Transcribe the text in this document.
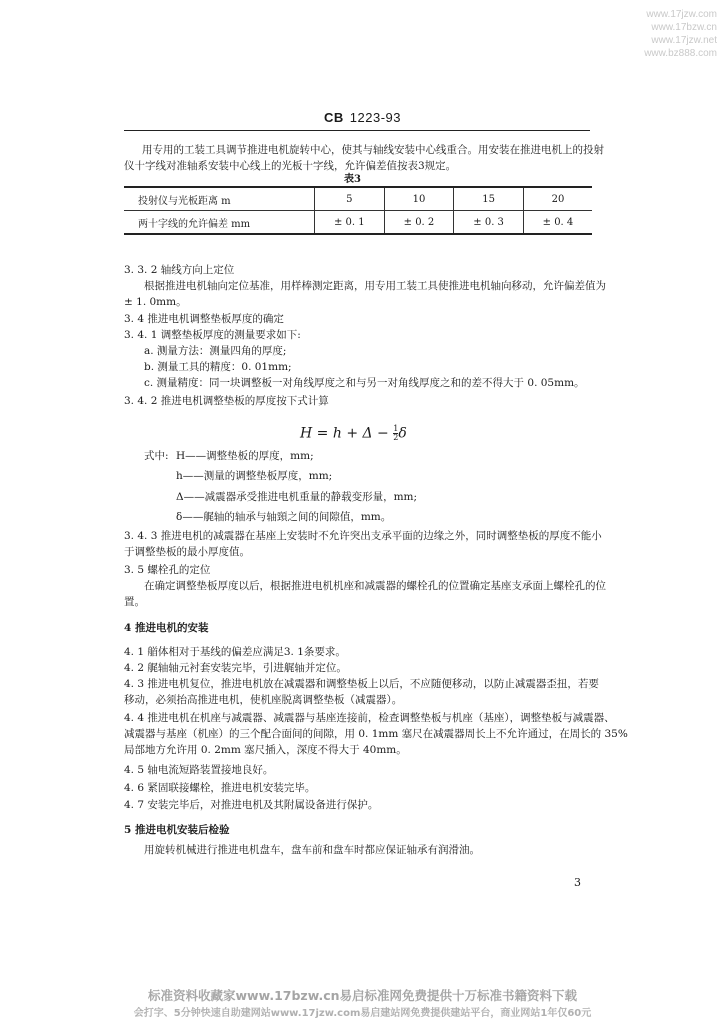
www.17jzw.com
www.17bzw.cn
www.17jzw.net
www.bz888.com
CB 1223-93
用专用的工装工具调节推进电机旋转中心，使其与轴线安装中心线重合。用安装在推进电机上的投射
仪十字线对准轴系安装中心线上的光板十字线，允许偏差值按表3规定。
表3
投射仪与光板距离 m	5	10	15	20
两十字线的允许偏差 mm	± 0. 1	± 0. 2	± 0. 3	± 0. 4
3. 3. 2 轴线方向上定位
根据推进电机轴向定位基准，用样棒测定距离，用专用工装工具使推进电机轴向移动，允许偏差值为
± 1. 0mm。
3. 4 推进电机调整垫板厚度的确定
3. 4. 1 调整垫板厚度的测量要求如下:
a. 测量方法：测量四角的厚度;
b. 测量工具的精度：0. 01mm;
c. 测量精度：同一块调整板一对角线厚度之和与另一对角线厚度之和的差不得大于 0. 05mm。
3. 4. 2 推进电机调整垫板的厚度按下式计算
$H = h + \Delta - \frac{1}{2}$ δ
式中: H——调整垫板的厚度，mm;
h——测量的调整垫板厚度，mm;
Δ——减震器承受推进电机重量的静载变形量，mm;
δ——艉轴的轴承与轴頸之间的间隙值，mm。
3. 4. 3 推进电机的减震器在基座上安装时不允许突出支承平面的边缘之外，同时调整垫板的厚度不能小
于调整垫板的最小厚度值。
3. 5 螺栓孔的定位
在确定调整垫板厚度以后，根据推进电机机座和减震器的螺栓孔的位置确定基座支承面上螺栓孔的位
置。
4 推进电机的安装
4. 1 艏体相对于基线的偏差应满足3. 1条要求。
4. 2 艉轴轴元衬套安装完毕，引进艉轴并定位。
4. 3 推进电机复位，推进电机放在减震器和调整垫板上以后，不应随便移动，以防止减震器歪扭，若要
移动，必须抬高推进电机，使机座脱离调整垫板（减震器）。
4. 4 推进电机在机座与减震器、减震器与基座连接前，检查调整垫板与机座（基座），调整垫板与减震器、
减震器与基座（机座）的三个配合面间的间隙，用 0. 1mm 塞尺在减震器周长上不允许通过，在周长的 35%
局部地方允许用 0. 2mm 塞尺插入，深度不得大于 40mm。
4. 5 轴电流短路装置接地良好。
4. 6 紧固联接螺栓，推进电机安装完毕。
4. 7 安装完毕后，对推进电机及其附属设备进行保护。
5 推进电机安装后检验
用旋转机械进行推进电机盘车，盘车前和盘车时都应保证轴承有润滑油。
3
标准资料收藏家www.17bzw.cn易启标准网免费提供十万标准书籍资料下载
会打字、5分钟快速自助建网站www.17jzw.com易启建站网免费提供建站平台，商业网站1年仅60元
